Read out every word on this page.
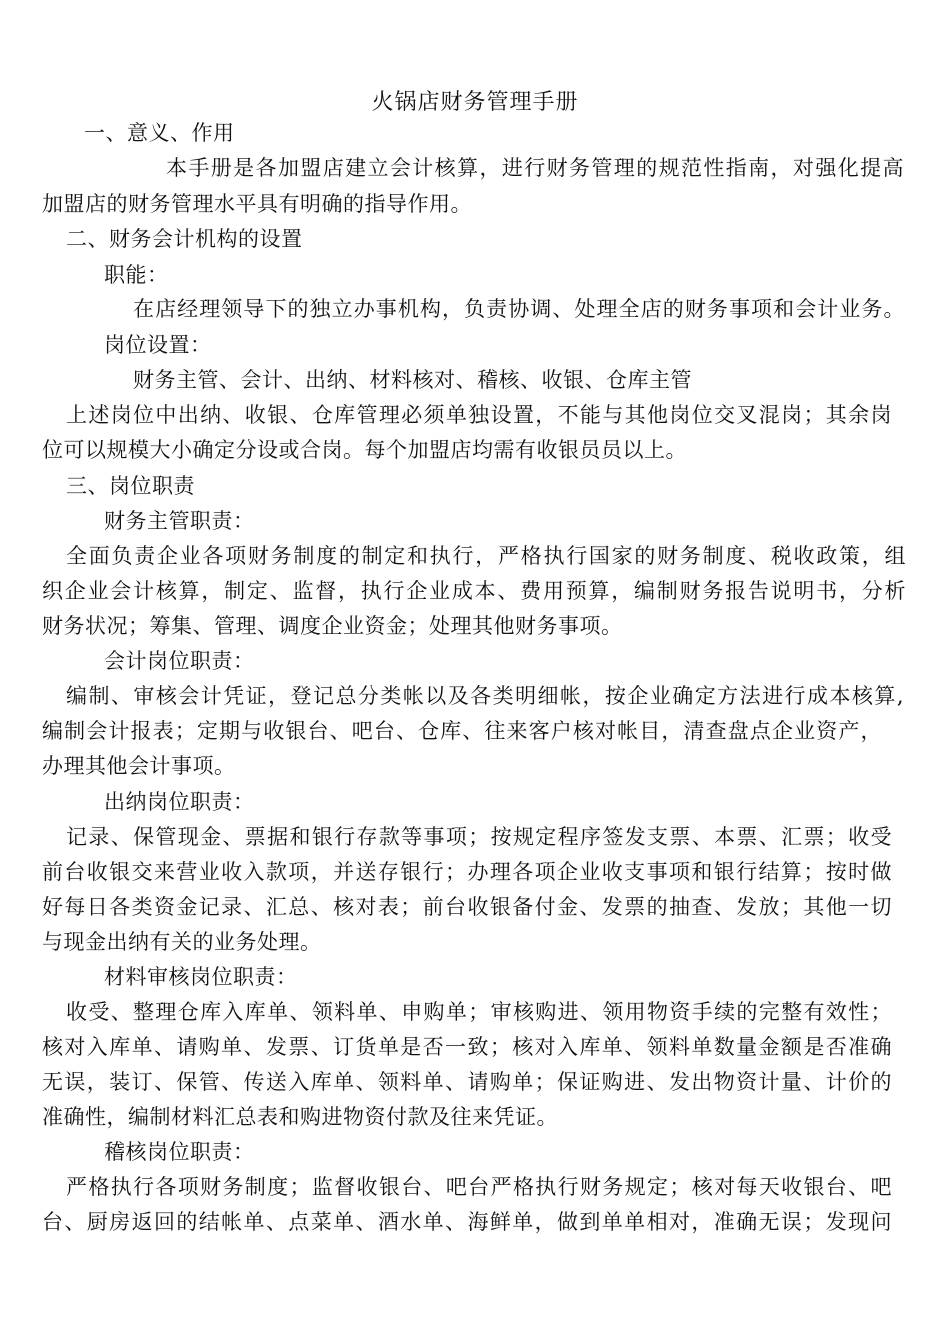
火锅店财务管理手册
一、意义、作用
本手册是各加盟店建立会计核算，进行财务管理的规范性指南，对强化提高
加盟店的财务管理水平具有明确的指导作用。
二、财务会计机构的设置
职能：
在店经理领导下的独立办事机构，负责协调、处理全店的财务事项和会计业务。
岗位设置：
财务主管、会计、出纳、材料核对、稽核、收银、仓库主管
上述岗位中出纳、收银、仓库管理必须单独设置，不能与其他岗位交叉混岗；其余岗
位可以规模大小确定分设或合岗。每个加盟店均需有收银员员以上。
三、岗位职责
财务主管职责：
全面负责企业各项财务制度的制定和执行，严格执行国家的财务制度、税收政策，组
织企业会计核算，制定、监督，执行企业成本、费用预算，编制财务报告说明书，分析
财务状况；筹集、管理、调度企业资金；处理其他财务事项。
会计岗位职责：
编制、审核会计凭证，登记总分类帐以及各类明细帐，按企业确定方法进行成本核算,
编制会计报表；定期与收银台、吧台、仓库、往来客户核对帐目，清查盘点企业资产，
办理其他会计事项。
出纳岗位职责：
记录、保管现金、票据和银行存款等事项；按规定程序签发支票、本票、汇票；收受
前台收银交来营业收入款项，并送存银行；办理各项企业收支事项和银行结算；按时做
好每日各类资金记录、汇总、核对表；前台收银备付金、发票的抽查、发放；其他一切
与现金出纳有关的业务处理。
材料审核岗位职责：
收受、整理仓库入库单、领料单、申购单；审核购进、领用物资手续的完整有效性；
核对入库单、请购单、发票、订货单是否一致；核对入库单、领料单数量金额是否准确
无误，装订、保管、传送入库单、领料单、请购单；保证购进、发出物资计量、计价的
准确性，编制材料汇总表和购进物资付款及往来凭证。
稽核岗位职责：
严格执行各项财务制度；监督收银台、吧台严格执行财务规定；核对每天收银台、吧
台、厨房返回的结帐单、点菜单、酒水单、海鲜单，做到单单相对，准确无误；发现问
